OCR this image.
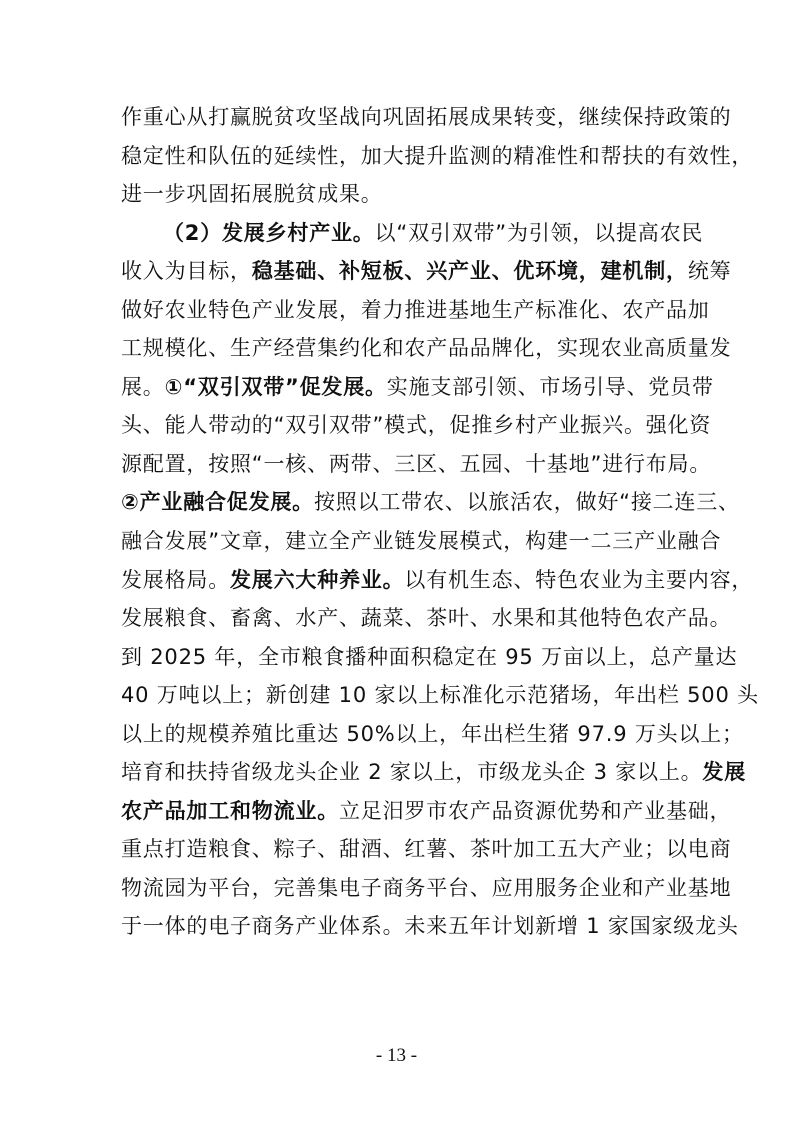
作重心从打赢脱贫攻坚战向巩固拓展成果转变，继续保持政策的
稳定性和队伍的延续性，加大提升监测的精准性和帮扶的有效性，
进一步巩固拓展脱贫成果。
（2）发展乡村产业。以“双引双带”为引领，以提高农民
收入为目标，稳基础、补短板、兴产业、优环境，建机制，统筹
做好农业特色产业发展，着力推进基地生产标准化、农产品加
工规模化、生产经营集约化和农产品品牌化，实现农业高质量发
展。①“双引双带”促发展。实施支部引领、市场引导、党员带
头、能人带动的“双引双带”模式，促推乡村产业振兴。强化资
源配置，按照“一核、两带、三区、五园、十基地”进行布局。
②产业融合促发展。按照以工带农、以旅活农，做好“接二连三、
融合发展”文章，建立全产业链发展模式，构建一二三产业融合
发展格局。发展六大种养业。以有机生态、特色农业为主要内容，
发展粮食、畜禽、水产、蔬菜、茶叶、水果和其他特色农产品。
到 2025 年，全市粮食播种面积稳定在 95 万亩以上，总产量达
40 万吨以上；新创建 10 家以上标准化示范猪场，年出栏 500 头
以上的规模养殖比重达 50%以上，年出栏生猪 97.9 万头以上；
培育和扶持省级龙头企业 2 家以上，市级龙头企 3 家以上。发展
农产品加工和物流业。立足汨罗市农产品资源优势和产业基础，
重点打造粮食、粽子、甜酒、红薯、茶叶加工五大产业；以电商
物流园为平台，完善集电子商务平台、应用服务企业和产业基地
于一体的电子商务产业体系。未来五年计划新增 1 家国家级龙头
- 13 -
